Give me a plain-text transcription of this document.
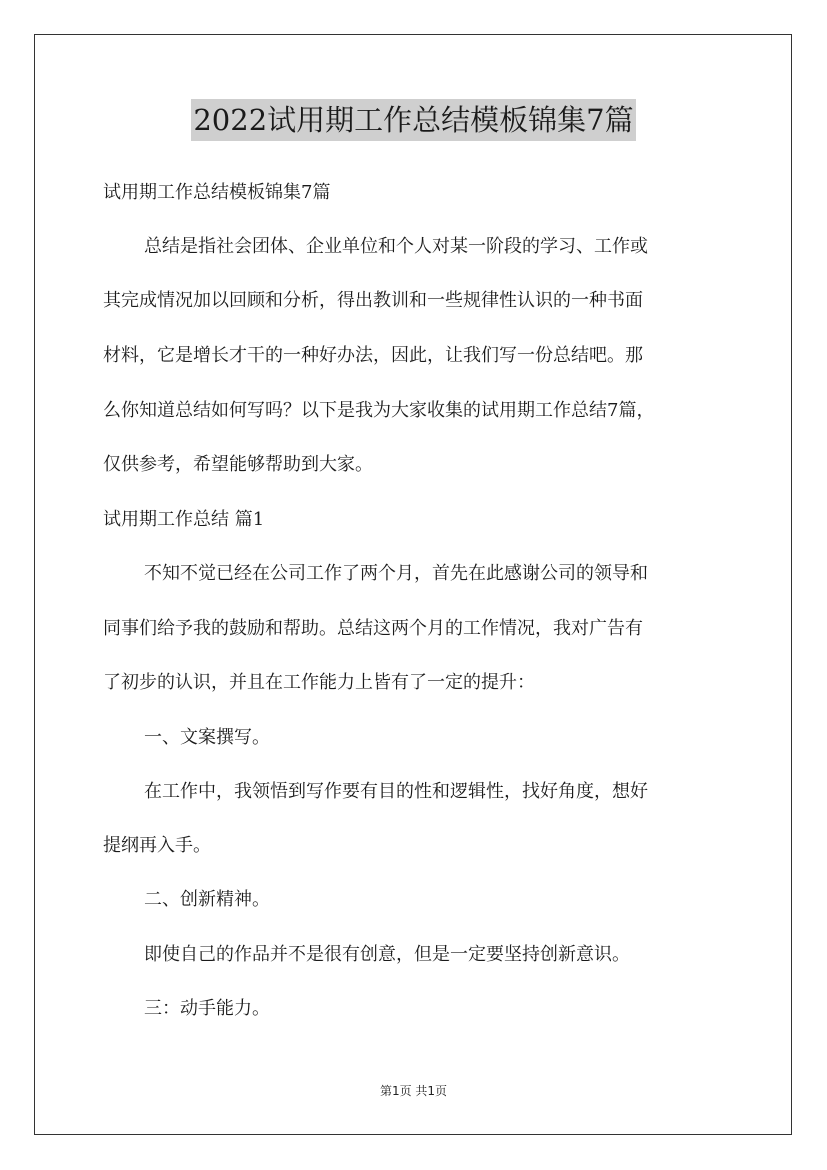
2022试用期工作总结模板锦集7篇
试用期工作总结模板锦集7篇
总结是指社会团体、企业单位和个人对某一阶段的学习、工作或
其完成情况加以回顾和分析，得出教训和一些规律性认识的一种书面
材料，它是增长才干的一种好办法，因此，让我们写一份总结吧。那
么你知道总结如何写吗？以下是我为大家收集的试用期工作总结7篇，
仅供参考，希望能够帮助到大家。
试用期工作总结 篇1
不知不觉已经在公司工作了两个月，首先在此感谢公司的领导和
同事们给予我的鼓励和帮助。总结这两个月的工作情况，我对广告有
了初步的认识，并且在工作能力上皆有了一定的提升：
一、文案撰写。
在工作中，我领悟到写作要有目的性和逻辑性，找好角度，想好
提纲再入手。
二、创新精神。
即使自己的作品并不是很有创意，但是一定要坚持创新意识。
三：动手能力。
第1页 共1页
